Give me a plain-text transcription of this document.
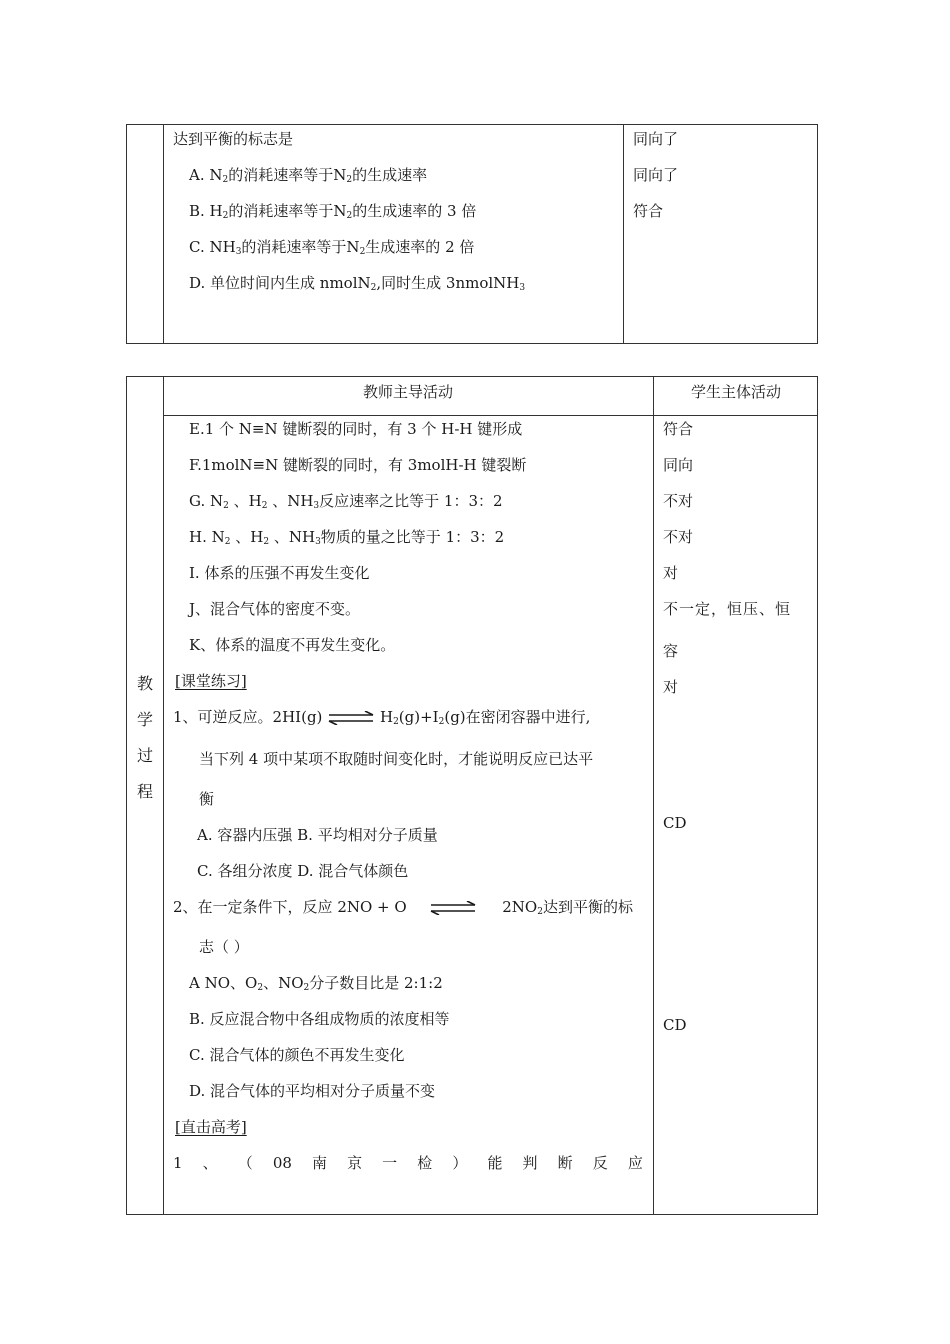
达到平衡的标志是
A. $N_2$的消耗速率等于$N_2$的生成速率
B. $H_2$的消耗速率等于$N_2$的生成速率的 3 倍
C. $NH_3$的消耗速率等于$N_2$生成速率的 2 倍
D. 单位时间内生成 nmolN$_2$,同时生成 3nmolNH$_3$
同向了
同向了
符合
教师主导活动	学生主体活动
教
学
过
程
E.1 个 N≡N 键断裂的同时，有 3 个 H-H 键形成
F.1molN≡N 键断裂的同时，有 3molH-H 键裂断
G. $N_2$ 、$H_2$ 、$NH_3$反应速率之比等于 1：3：2
H. $N_2$ 、$H_2$ 、$NH_3$物质的量之比等于 1：3：2
I. 体系的压强不再发生变化
J、混合气体的密度不变。
K、体系的温度不再发生变化。
[课堂练习]
1、可逆反应。2HI(g) ⇌ $H_2(g)+I_2(g)$在密闭容器中进行,
当下列 4 项中某项不取随时间变化时，才能说明反应已达平
衡
A. 容器内压强 B. 平均相对分子质量
C. 各组分浓度 D. 混合气体颜色
2、在一定条件下，反应 2NO + O	$2NO_2$达到平衡的标
志（ ）
A NO、$O_2$、$NO_2$分子数目比是 2:1:2
B. 反应混合物中各组成物质的浓度相等
C. 混合气体的颜色不再发生变化
D. 混合气体的平均相对分子质量不变
[直击高考]
1 、 （ 08 南 京 一 检 ） 能 判 断 反 应
符合
同向
不对
不对
对
不一定，恒压、恒
容
对
CD
CD
